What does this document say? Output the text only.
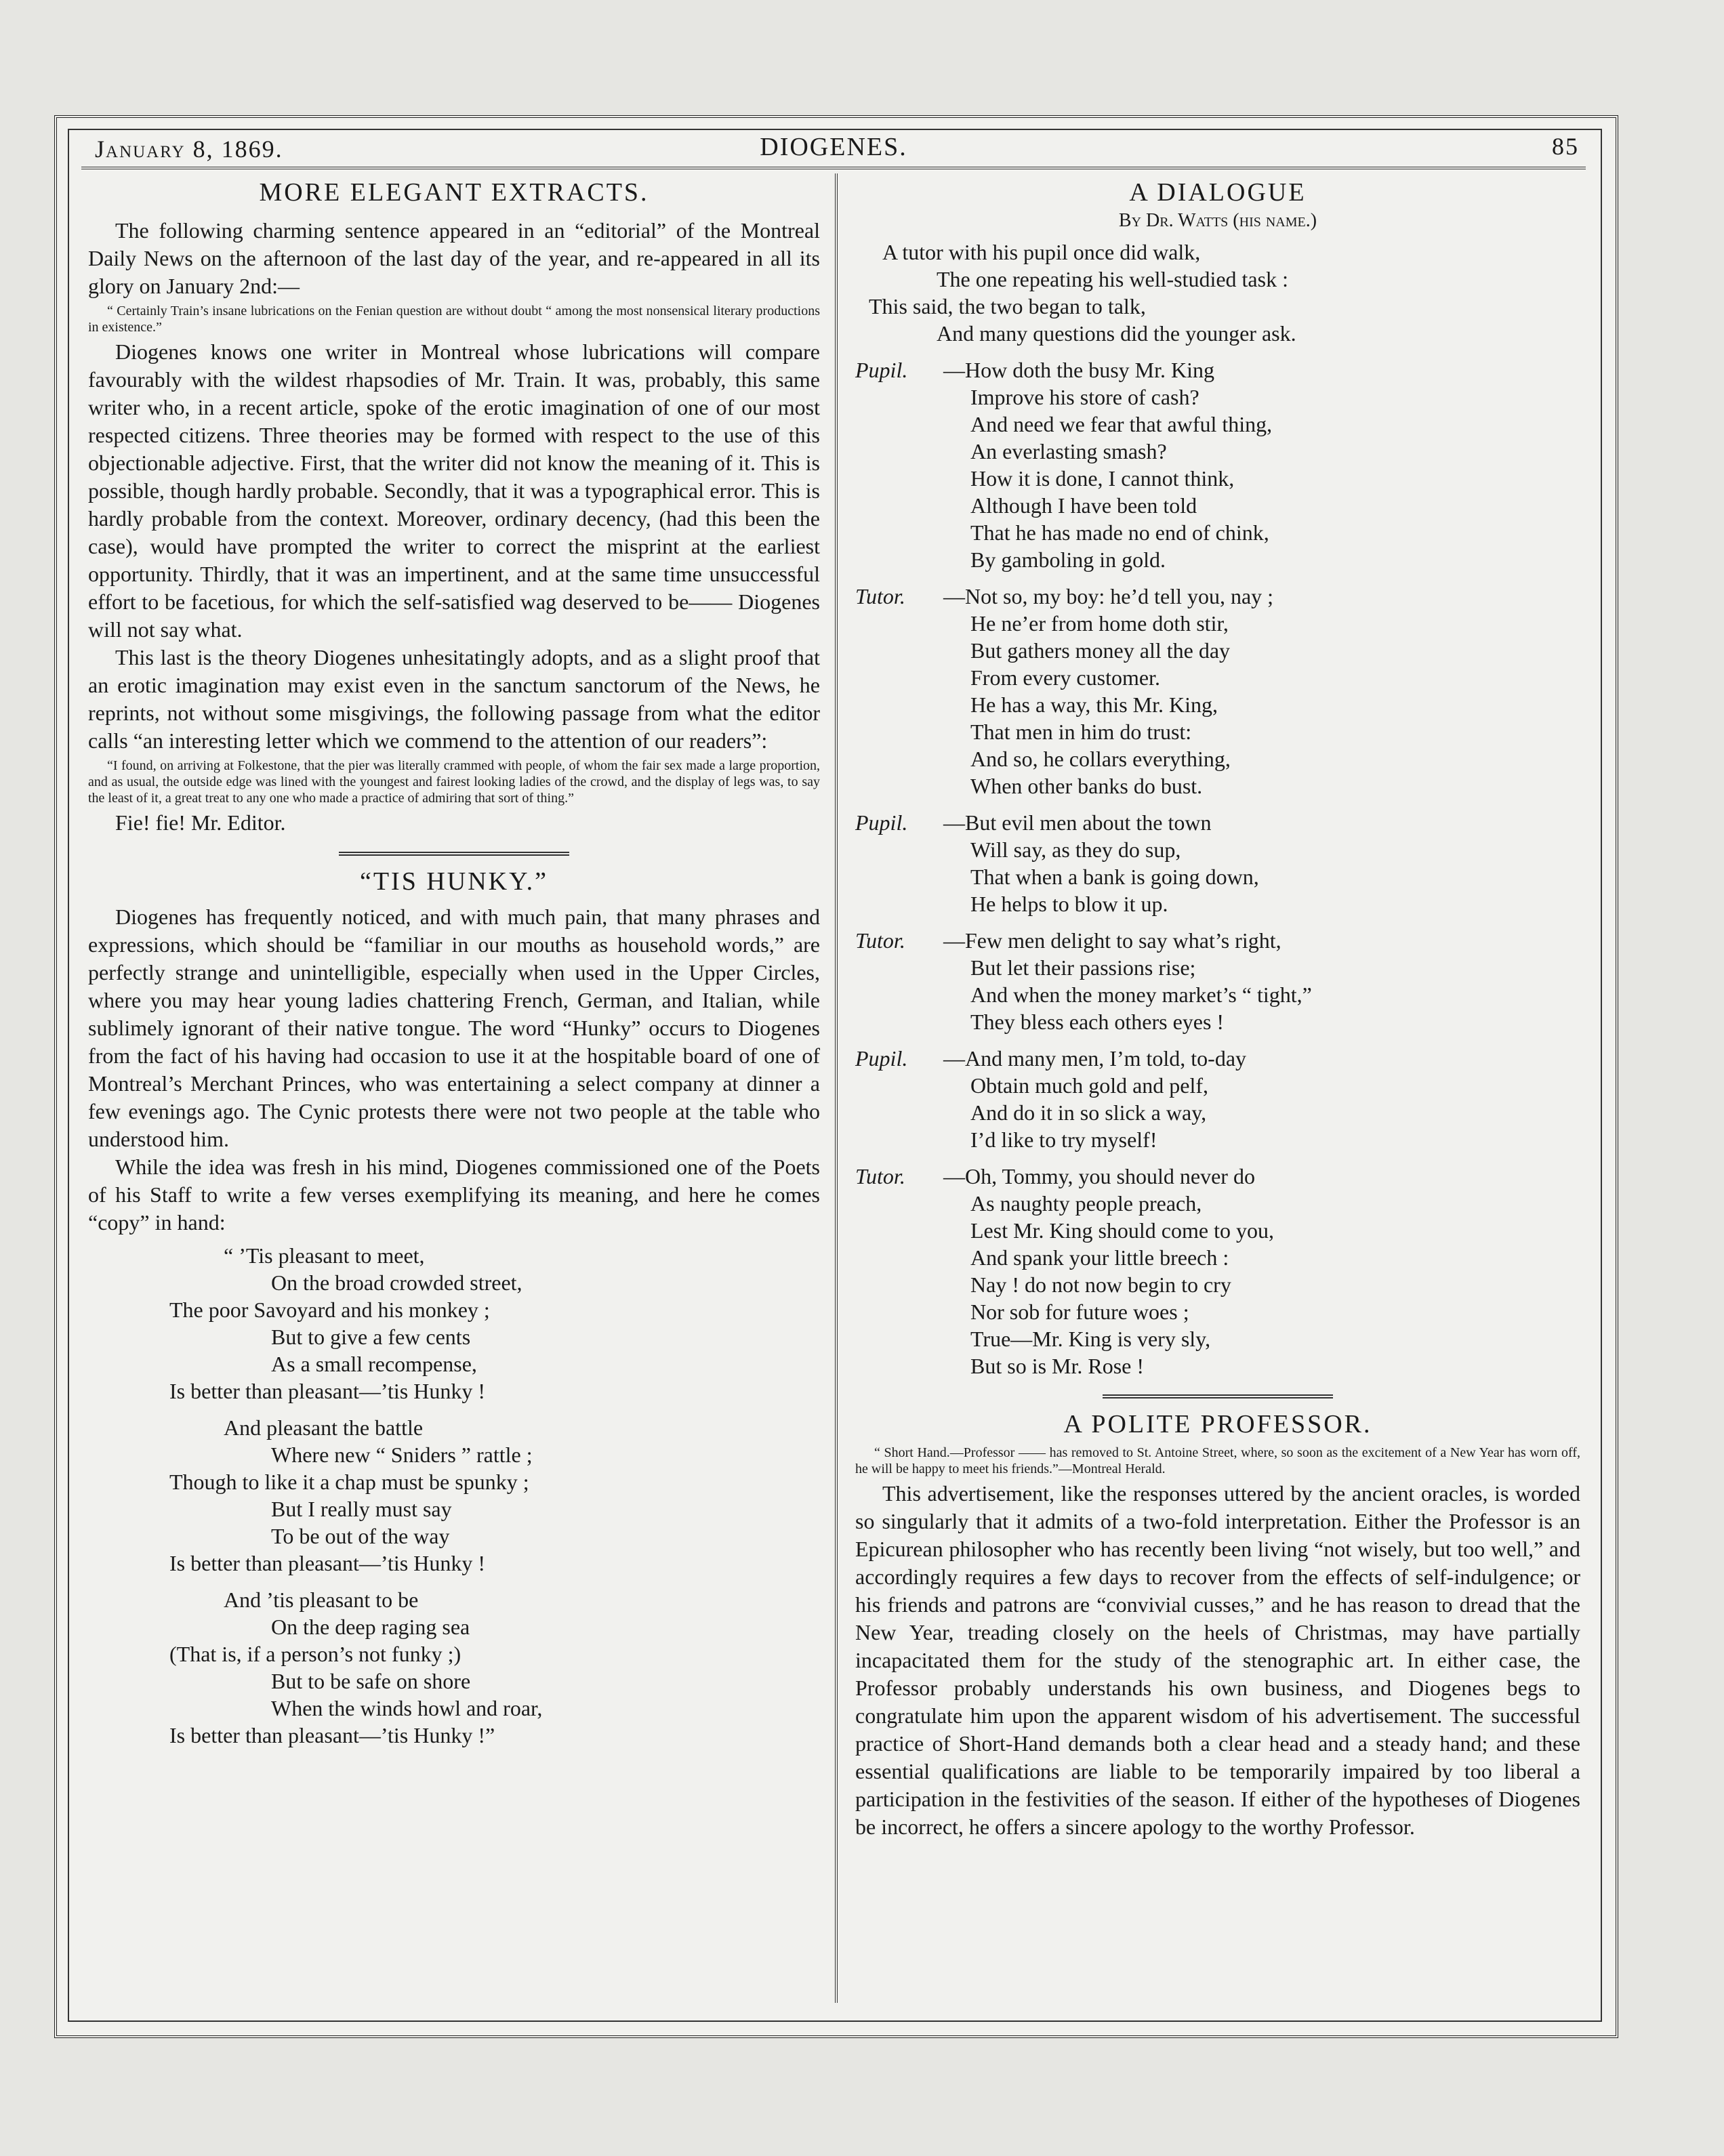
January 8, 1869.	DIOGENES.	85
MORE ELEGANT EXTRACTS.

The following charming sentence appeared in an “editorial” of the Montreal Daily News on the afternoon of the last day of the year, and re-appeared in all its glory on January 2nd:—

“ Certainly Train’s insane lubrications on the Fenian question are without doubt “ among the most nonsensical literary productions in existence.”

Diogenes knows one writer in Montreal whose lubrications will compare favourably with the wildest rhapsodies of Mr. Train. It was, probably, this same writer who, in a recent article, spoke of the erotic imagination of one of our most respected citizens. Three theories may be formed with respect to the use of this objectionable adjective. First, that the writer did not know the meaning of it. This is possible, though hardly probable. Secondly, that it was a typographical error. This is hardly probable from the context. Moreover, ordinary decency, (had this been the case), would have prompted the writer to correct the misprint at the earliest opportunity. Thirdly, that it was an impertinent, and at the same time unsuccessful effort to be facetious, for which the self-satisfied wag deserved to be—— Diogenes will not say what.

This last is the theory Diogenes unhesitatingly adopts, and as a slight proof that an erotic imagination may exist even in the sanctum sanctorum of the News, he reprints, not without some misgivings, the following passage from what the editor calls “an interesting letter which we commend to the attention of our readers”:

“I found, on arriving at Folkestone, that the pier was literally crammed with people, of whom the fair sex made a large proportion, and as usual, the outside edge was lined with the youngest and fairest looking ladies of the crowd, and the display of legs was, to say the least of it, a great treat to any one who made a practice of admiring that sort of thing.”

Fie! fie! Mr. Editor.

“TIS HUNKY.”

Diogenes has frequently noticed, and with much pain, that many phrases and expressions, which should be “familiar in our mouths as household words,” are perfectly strange and unintelligible, especially when used in the Upper Circles, where you may hear young ladies chattering French, German, and Italian, while sublimely ignorant of their native tongue. The word “Hunky” occurs to Diogenes from the fact of his having had occasion to use it at the hospitable board of one of Montreal’s Merchant Princes, who was entertaining a select company at dinner a few evenings ago. The Cynic protests there were not two people at the table who understood him.

While the idea was fresh in his mind, Diogenes commissioned one of the Poets of his Staff to write a few verses exemplifying its meaning, and here he comes “copy” in hand:

“ ’Tis pleasant to meet,
On the broad crowded street,
The poor Savoyard and his monkey ;
But to give a few cents
As a small recompense,
Is better than pleasant—’tis Hunky !
And pleasant the battle
Where new “ Sniders ” rattle ;
Though to like it a chap must be spunky ;
But I really must say
To be out of the way
Is better than pleasant—’tis Hunky !
And ’tis pleasant to be
On the deep raging sea
(That is, if a person’s not funky ;)
But to be safe on shore
When the winds howl and roar,
Is better than pleasant—’tis Hunky !”
A DIALOGUE
By Dr. Watts (his name.)
A tutor with his pupil once did walk,
The one repeating his well-studied task :
This said, the two began to talk,
And many questions did the younger ask.
Pupil. —How doth the busy Mr. King
Improve his store of cash?
And need we fear that awful thing,
An everlasting smash?
How it is done, I cannot think,
Although I have been told
That he has made no end of chink,
By gamboling in gold.
Tutor. —Not so, my boy: he’d tell you, nay ;
He ne’er from home doth stir,
But gathers money all the day
From every customer.
He has a way, this Mr. King,
That men in him do trust:
And so, he collars everything,
When other banks do bust.
Pupil. —But evil men about the town
Will say, as they do sup,
That when a bank is going down,
He helps to blow it up.
Tutor. —Few men delight to say what’s right,
But let their passions rise;
And when the money market’s “ tight,”
They bless each others eyes !
Pupil. —And many men, I’m told, to-day
Obtain much gold and pelf,
And do it in so slick a way,
I’d like to try myself!
Tutor. —Oh, Tommy, you should never do
As naughty people preach,
Lest Mr. King should come to you,
And spank your little breech :
Nay ! do not now begin to cry
Nor sob for future woes ;
True—Mr. King is very sly,
But so is Mr. Rose !
A POLITE PROFESSOR.
“ Short Hand.—Professor —— has removed to St. Antoine Street, where, so soon as the excitement of a New Year has worn off, he will be happy to meet his friends.”—Montreal Herald.

This advertisement, like the responses uttered by the ancient oracles, is worded so singularly that it admits of a two-fold interpretation. Either the Professor is an Epicurean philosopher who has recently been living “not wisely, but too well,” and accordingly requires a few days to recover from the effects of self-indulgence; or his friends and patrons are “convivial cusses,” and he has reason to dread that the New Year, treading closely on the heels of Christmas, may have partially incapacitated them for the study of the stenographic art. In either case, the Professor probably understands his own business, and Diogenes begs to congratulate him upon the apparent wisdom of his advertisement. The successful practice of Short-Hand demands both a clear head and a steady hand; and these essential qualifications are liable to be temporarily impaired by too liberal a participation in the festivities of the season. If either of the hypotheses of Diogenes be incorrect, he offers a sincere apology to the worthy Professor.
